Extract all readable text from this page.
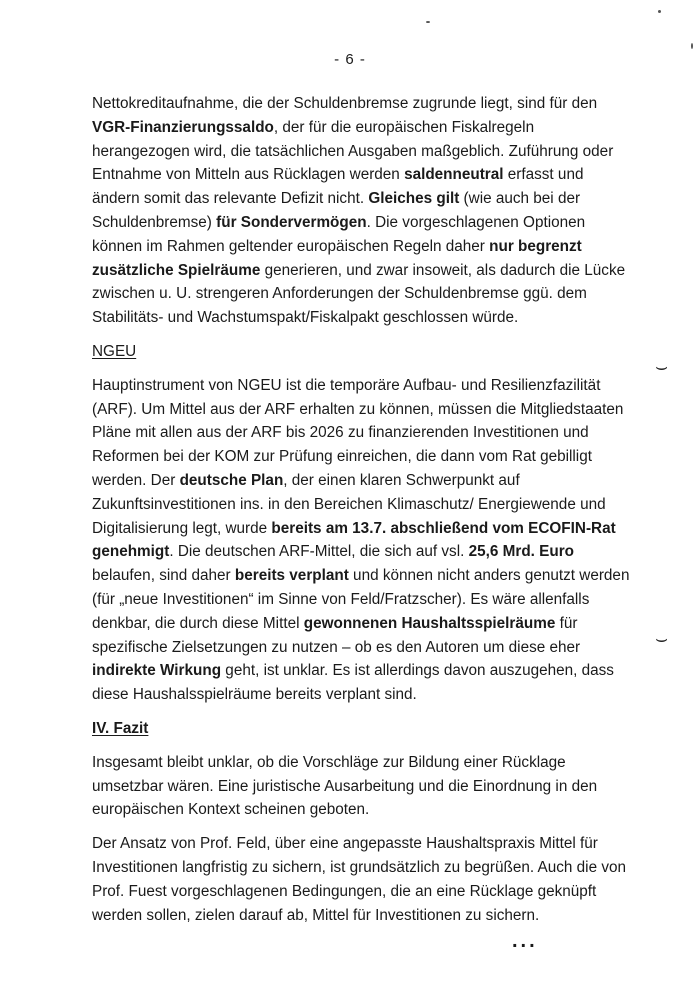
- 6 -

Nettokreditaufnahme, die der Schuldenbremse zugrunde liegt, sind für den VGR-Finanzierungssaldo, der für die europäischen Fiskalregeln herangezogen wird, die tatsächlichen Ausgaben maßgeblich. Zuführung oder Entnahme von Mitteln aus Rücklagen werden saldenneutral erfasst und ändern somit das relevante Defizit nicht. Gleiches gilt (wie auch bei der Schuldenbremse) für Sondervermögen. Die vorgeschlagenen Optionen können im Rahmen geltender europäischen Regeln daher nur begrenzt zusätzliche Spielräume generieren, und zwar insoweit, als dadurch die Lücke zwischen u. U. strengeren Anforderungen der Schuldenbremse ggü. dem Stabilitäts- und Wachstumspakt/Fiskalpakt geschlossen würde.

NGEU

Hauptinstrument von NGEU ist die temporäre Aufbau- und Resilienzfazilität (ARF). Um Mittel aus der ARF erhalten zu können, müssen die Mitgliedstaaten Pläne mit allen aus der ARF bis 2026 zu finanzierenden Investitionen und Reformen bei der KOM zur Prüfung einreichen, die dann vom Rat gebilligt werden. Der deutsche Plan, der einen klaren Schwerpunkt auf Zukunftsinvestitionen ins. in den Bereichen Klimaschutz/ Energiewende und Digitalisierung legt, wurde bereits am 13.7. abschließend vom ECOFIN-Rat genehmigt. Die deutschen ARF-Mittel, die sich auf vsl. 25,6 Mrd. Euro belaufen, sind daher bereits verplant und können nicht anders genutzt werden (für „neue Investitionen“ im Sinne von Feld/Fratzscher). Es wäre allenfalls denkbar, die durch diese Mittel gewonnenen Haushaltsspielräume für spezifische Zielsetzungen zu nutzen – ob es den Autoren um diese eher indirekte Wirkung geht, ist unklar. Es ist allerdings davon auszugehen, dass diese Haushalsspielräume bereits verplant sind.

IV. Fazit

Insgesamt bleibt unklar, ob die Vorschläge zur Bildung einer Rücklage umsetzbar wären. Eine juristische Ausarbeitung und die Einordnung in den europäischen Kontext scheinen geboten.

Der Ansatz von Prof. Feld, über eine angepasste Haushaltspraxis Mittel für Investitionen langfristig zu sichern, ist grundsätzlich zu begrüßen. Auch die von Prof. Fuest vorgeschlagenen Bedingungen, die an eine Rücklage geknüpft werden sollen, zielen darauf ab, Mittel für Investitionen zu sichern.

⌣
⌣
...
